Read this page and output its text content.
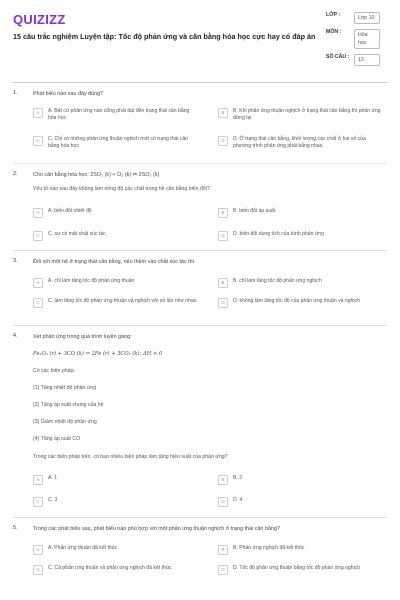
QUIZIZZ
15 câu trắc nghiệm Luyện tập: Tốc độ phản ứng và cân bằng hóa học cực hay có đáp án
LỚP :	Lớp 10
MÔN :	Hóa học
SỐ CÂU :	13
1.	Phát biểu nào sau đây đúng?
A	A. Bất cứ phản ứng nào cũng phải đạt đến trạng thái cân bằng hóa học
B	B. Khi phản ứng thuận nghịch ở trạng thái cân bằng thì phản ứng dừng lại
C	C. Chỉ có những phản ứng thuận nghịch mới có trạng thái cân bằng hóa học
D	D. Ở trạng thái cân bằng, khối lượng các chất ở hai vế của phương trình phản ứng phải bằng nhau
2.	Cho cân bằng hóa học: 2SO₂ (k) + O₂ (k) ⇌ 2SO₃ (k)
Yếu tố nào sau đây không làm nồng độ các chất trong hệ cân bằng biến đổi?
A	A. biến đổi nhiệt độ	B	B. biến đổi áp suất
C	C. sự có mặt chất xúc tác	D	D. biến đổi dung tích của bình phản ứng
3.	Đối với một hệ ở trạng thái cân bằng, nếu thêm vào chất xúc tác thì
A	A. chỉ làm tăng tốc độ phản ứng thuận	B	B. chỉ làm tăng tốc độ phản ứng nghịch
C	C. làm tăng tốc độ phản ứng thuận và nghịch với số lần như nhau	D	D. không làm tăng tốc độ của phản ứng thuận và nghịch
4.	Xét phản ứng trong quá trình luyện gang:
Fe₂O₃ (r) + 3CO (k) ⇌ 2Fe (r) + 3CO₂ (k); ΔH > 0
Có các biện pháp:
(1) Tăng nhiệt độ phản ứng
(2) Tăng áp suất chung của hệ
(3) Giảm nhiệt độ phản ứng
(4) Tăng áp suất CO
Trong các biện pháp trên, có bao nhiêu biện pháp làm tăng hiệu suất của phản ứng?
A	A. 1	B	B. 2
C	C. 3	D	D. 4
5.	Trong các phát biểu sau, phát biểu nào phù hợp với một phản ứng thuận nghịch ở trạng thái cân bằng?
A	A. Phản ứng thuận đã kết thúc	B	B. Phản ứng nghịch đã kết thúc
C	C. Cả phản ứng thuận và phản ứng nghịch đã kết thúc	D	D. Tốc độ phản ứng thuận bằng tốc độ phản ứng nghịch
